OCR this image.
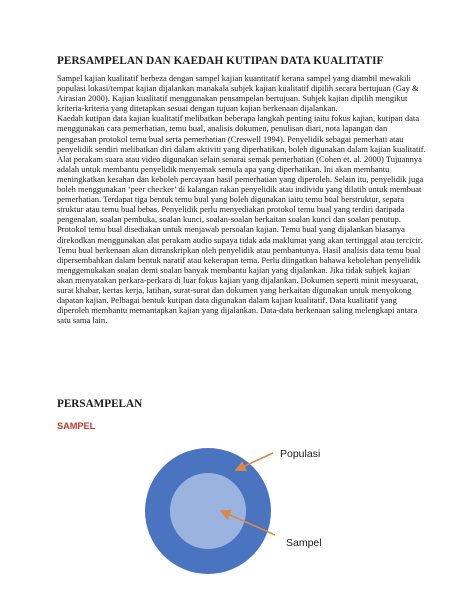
PERSAMPELAN DAN KAEDAH KUTIPAN DATA KUALITATIF

Sampel kajian kualitatif berbeza dengan sampel kajian kuantitatif kerana sampel yang diambil mewakili populasi lokasi/tempat kajian dijalankan manakala subjek kajian kualitatif dipilih secara bertujuan (Gay & Airasian 2000). Kajian kualitatif menggunakan pensampelan bertujuan. Subjek kajian dipilih mengikut kriteria-kriteria yang ditetapkan sesuai dengan tujuan kajian berkenaan dijalankan.

Kaedah kutipan data kajian kualitatif melibatkan beberapa langkah penting iaitu fokus kajian, kutipan data menggunakan cara pemerhatian, temu bual, analisis dokumen, penulisan diari, nota lapangan dan pengesahan protokol temu bual serta pemerhatian (Creswell 1994). Penyelidik sebagai pemerhati atau penyelidik sendiri melibatkan diri dalam aktiviti yang diperhatikan, boleh digunakan dalam kajian kualitatif. Alat perakam suara atau video digunakan selain senarai semak pemerhatian (Cohen et. al. 2000) Tujuannya adalah untuk membantu penyelidik menyemak semula apa yang diperhatikan. Ini akan membantu meningkatkan kesahan dan keboleh percayaan hasil pemerhatian yang diperoleh. Selain itu, penyelidik juga boleh menggunakan ‘peer checker’ di kalangan rakan penyelidik atau individu yang dilatih untuk membuat pemerhatian. Terdapat tiga bentuk temu bual yang boleh digunakan iaitu temu bual berstruktur, separa struktur atau temu bual bebas. Penyelidik perlu menyediakan protokol temu bual yang terdiri daripada pengenalan, soalan pembuka, soalan kunci, soalan-soalan berkaitan soalan kunci dan soalan penutup. Protokol temu bual disediakan untuk menjawab persoalan kajian. Temu bual yang dijalankan biasanya direkodkan menggunakan alat perakam audio supaya tidak ada maklumat yang akan tertinggal atau tercicir. Temu bual berkenaan akan ditranskripkan oleh penyelidik atau pembantunya. Hasil analisis data temu bual dipersembahkan dalam bentuk naratif atau kekerapan tema. Perlu diingatkan bahawa kebolehan penyelidik menggemukakan soalan demi soalan banyak membantu kajian yang dijalankan. Jika tidak subjek kajian akan menyatakan perkara-perkara di luar fokus kajian yang dijalankan. Dokumen seperti minit mesyuarat, surat khabar, kertas kerja, latihan, surat-surat dan dokumen yang berkaitan digunakan untuk menyokong dapatan kajian. Pelbagai bentuk kutipan data digunakan dalam kajian kualitatif. Data kualitatif yang diperoleh membantu memantapkan kajian yang dijalankan. Data-data berkenaan saling melengkapi antara satu sama lain.

PERSAMPELAN
SAMPEL
Populasi
Sampel
